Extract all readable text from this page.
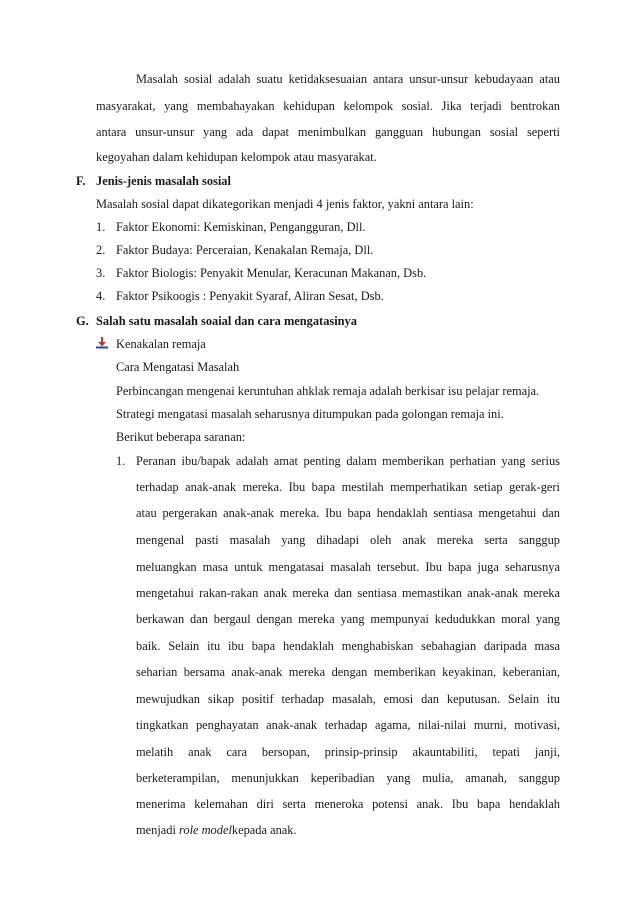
Masalah sosial adalah suatu ketidaksesuaian antara unsur-unsur kebudayaan atau
masyarakat, yang membahayakan kehidupan kelompok sosial. Jika terjadi bentrokan
antara unsur-unsur yang ada dapat menimbulkan gangguan hubungan sosial seperti
kegoyahan dalam kehidupan kelompok atau masyarakat.
F. Jenis-jenis masalah sosial
Masalah sosial dapat dikategorikan menjadi 4 jenis faktor, yakni antara lain:
1. Faktor Ekonomi: Kemiskinan, Pengangguran, Dll.
2. Faktor Budaya: Perceraian, Kenakalan Remaja, Dll.
3. Faktor Biologis: Penyakit Menular, Keracunan Makanan, Dsb.
4. Faktor Psikoogis : Penyakit Syaraf, Aliran Sesat, Dsb.
G. Salah satu masalah soaial dan cara mengatasinya
Kenakalan remaja
Cara Mengatasi Masalah
Perbincangan mengenai keruntuhan ahklak remaja adalah berkisar isu pelajar remaja.
Strategi mengatasi masalah seharusnya ditumpukan pada golongan remaja ini.
Berikut beberapa saranan:
1. Peranan ibu/bapak adalah amat penting dalam memberikan perhatian yang serius
terhadap anak-anak mereka. Ibu bapa mestilah memperhatikan setiap gerak-geri
atau pergerakan anak-anak mereka. Ibu bapa hendaklah sentiasa mengetahui dan
mengenal pasti masalah yang dihadapi oleh anak mereka serta sanggup
meluangkan masa untuk mengatasai masalah tersebut. Ibu bapa juga seharusnya
mengetahui rakan-rakan anak mereka dan sentiasa memastikan anak-anak mereka
berkawan dan bergaul dengan mereka yang mempunyai kedudukkan moral yang
baik. Selain itu ibu bapa hendaklah menghabiskan sebahagian daripada masa
seharian bersama anak-anak mereka dengan memberikan keyakinan, keberanian,
mewujudkan sikap positif terhadap masalah, emosi dan keputusan. Selain itu
tingkatkan penghayatan anak-anak terhadap agama, nilai-nilai murni, motivasi,
melatih anak cara bersopan, prinsip-prinsip akauntabiliti, tepati janji,
berketerampilan, menunjukkan keperibadian yang mulia, amanah, sanggup
menerima kelemahan diri serta meneroka potensi anak. Ibu bapa hendaklah
menjadi role modelkepada anak.
